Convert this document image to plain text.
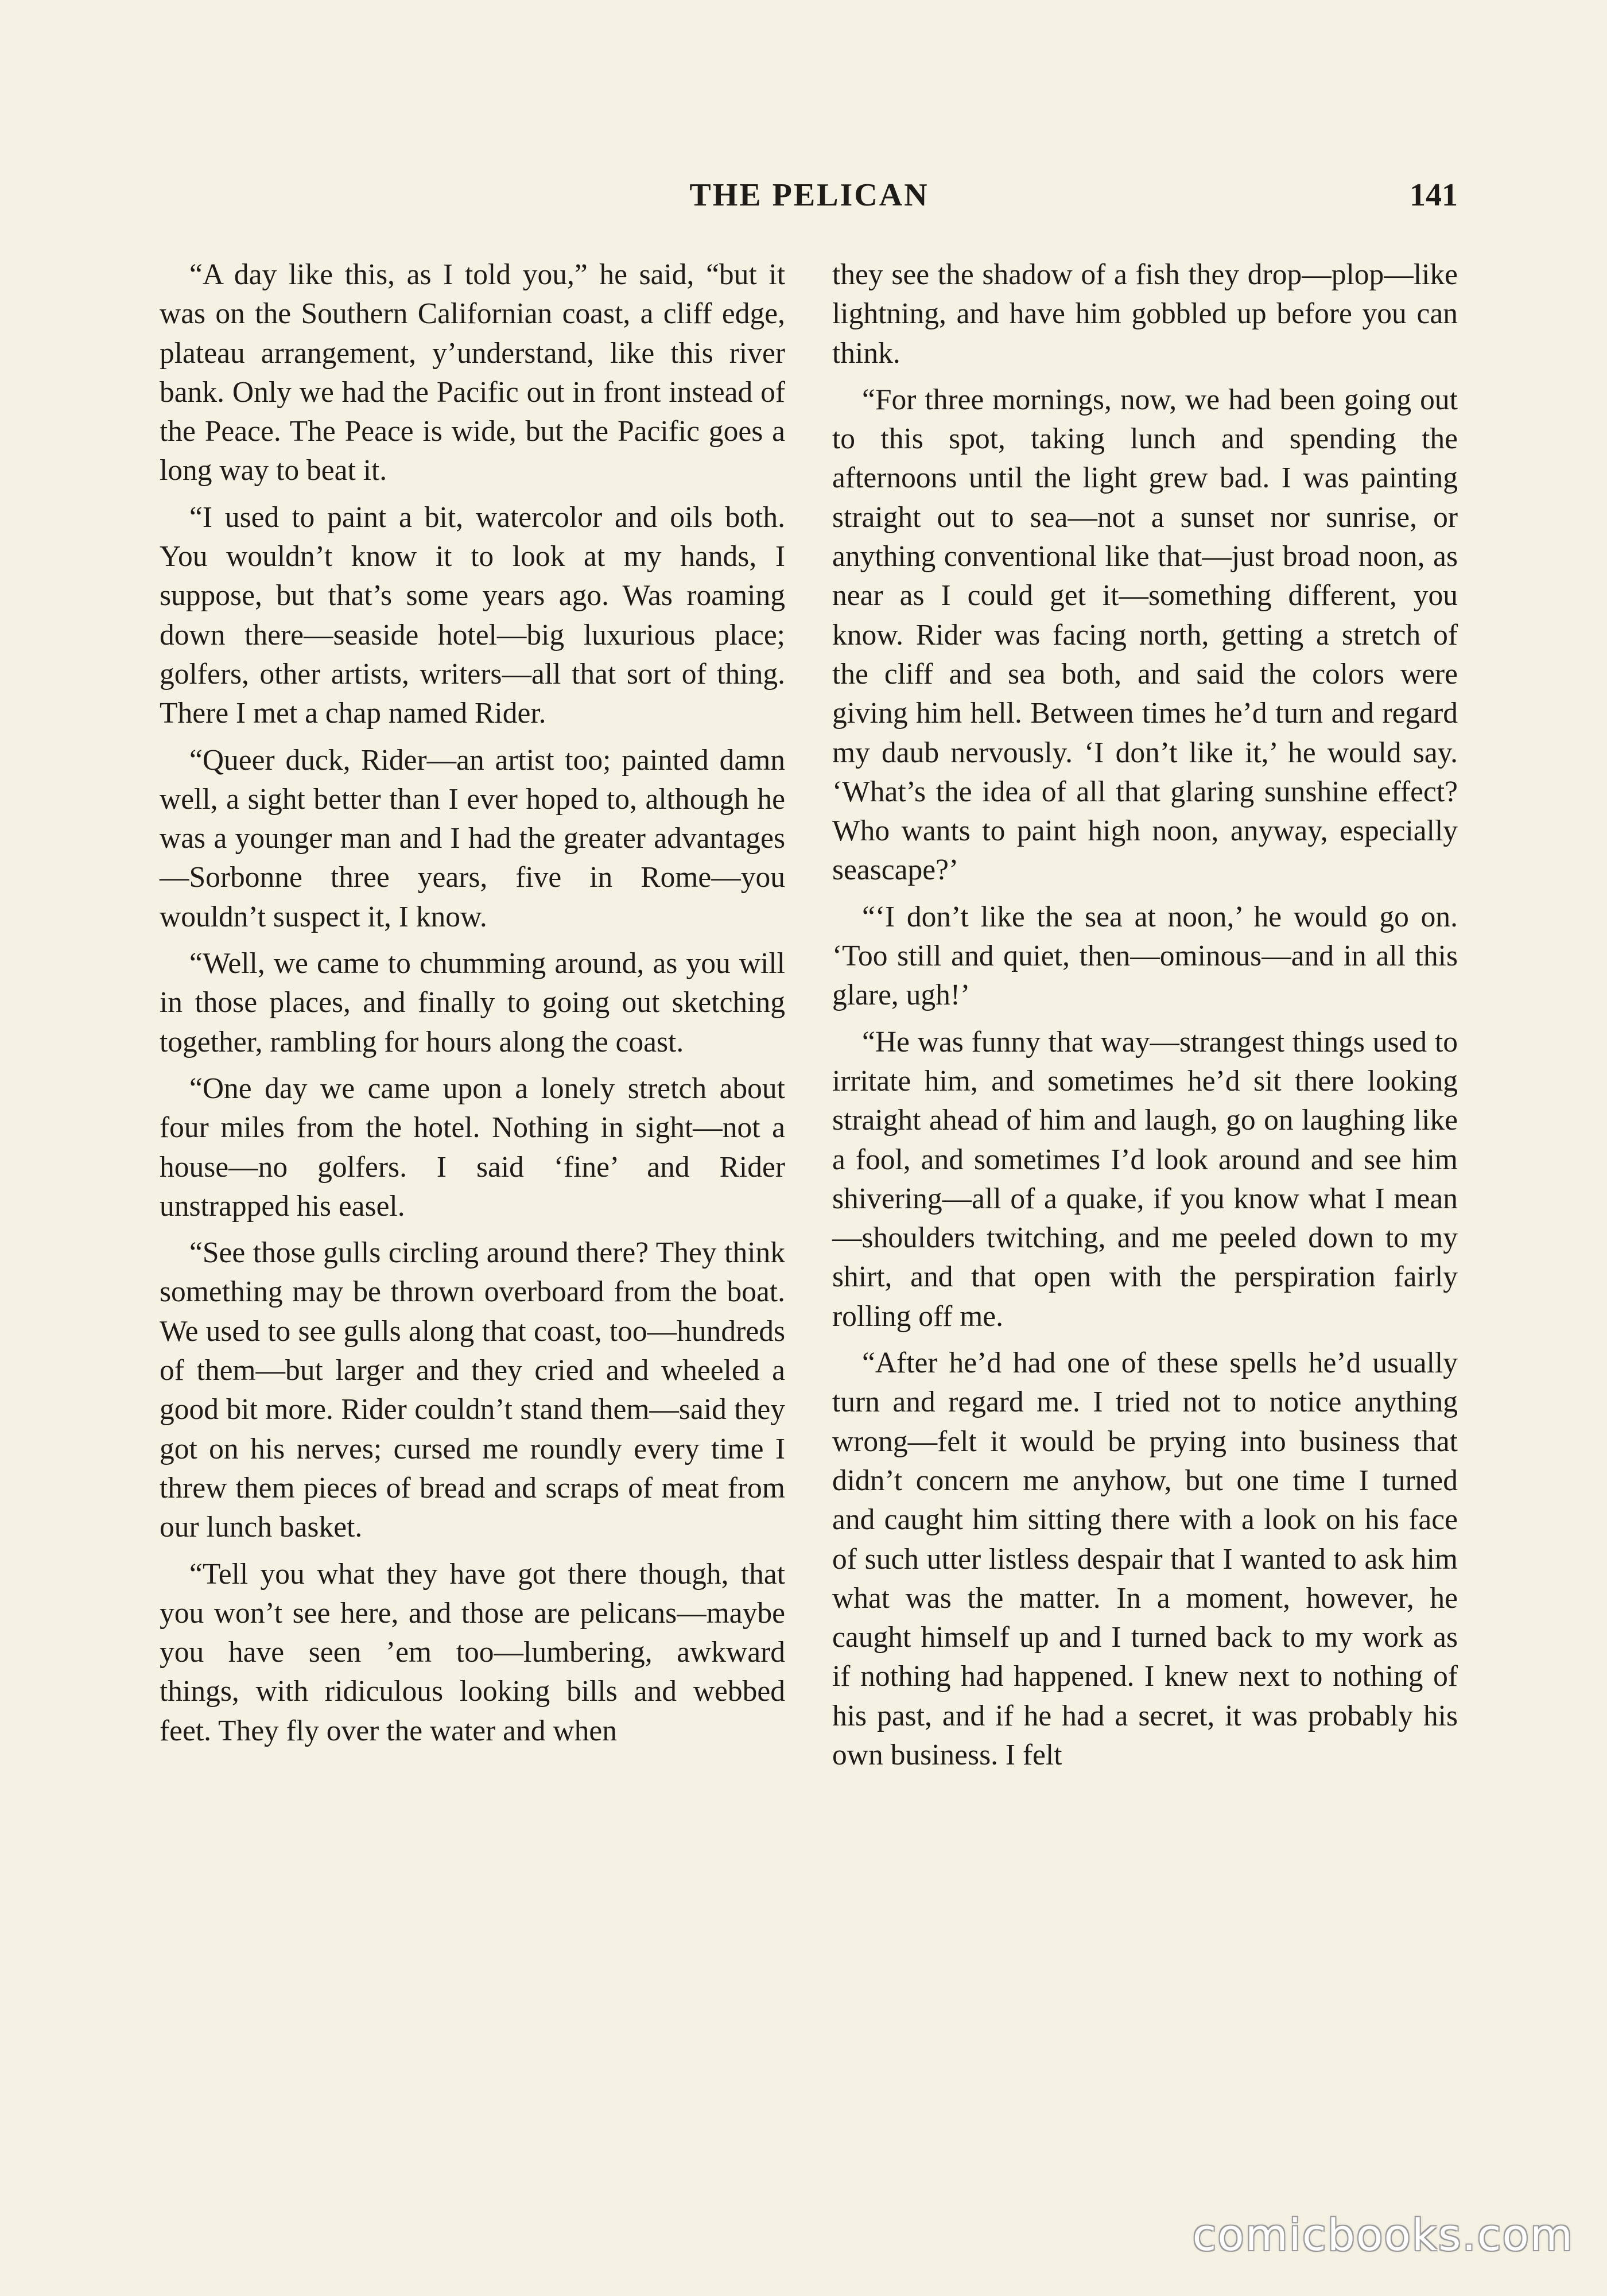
THE PELICAN	141

“A day like this, as I told you,” he said, “but it was on the Southern Californian coast, a cliff edge, plateau arrangement, y’understand, like this river bank. Only we had the Pacific out in front instead of the Peace. The Peace is wide, but the Pacific goes a long way to beat it.

“I used to paint a bit, watercolor and oils both. You wouldn’t know it to look at my hands, I suppose, but that’s some years ago. Was roaming down there—seaside hotel—big luxurious place; golfers, other artists, writers—all that sort of thing. There I met a chap named Rider.

“Queer duck, Rider—an artist too; painted damn well, a sight better than I ever hoped to, although he was a younger man and I had the greater advantages—Sorbonne three years, five in Rome—you wouldn’t suspect it, I know.

“Well, we came to chumming around, as you will in those places, and finally to going out sketching together, rambling for hours along the coast.

“One day we came upon a lonely stretch about four miles from the hotel. Nothing in sight—not a house—no golfers. I said ‘fine’ and Rider unstrapped his easel.

“See those gulls circling around there? They think something may be thrown overboard from the boat. We used to see gulls along that coast, too—hundreds of them—but larger and they cried and wheeled a good bit more. Rider couldn’t stand them—said they got on his nerves; cursed me roundly every time I threw them pieces of bread and scraps of meat from our lunch basket.

“Tell you what they have got there though, that you won’t see here, and those are pelicans—maybe you have seen ’em too—lumbering, awkward things, with ridiculous looking bills and webbed feet. They fly over the water and when

they see the shadow of a fish they drop—plop—like lightning, and have him gobbled up before you can think.

“For three mornings, now, we had been going out to this spot, taking lunch and spending the afternoons until the light grew bad. I was painting straight out to sea—not a sunset nor sunrise, or anything conventional like that—just broad noon, as near as I could get it—something different, you know. Rider was facing north, getting a stretch of the cliff and sea both, and said the colors were giving him hell. Between times he’d turn and regard my daub nervously. ‘I don’t like it,’ he would say. ‘What’s the idea of all that glaring sunshine effect? Who wants to paint high noon, anyway, especially seascape?’

“‘I don’t like the sea at noon,’ he would go on. ‘Too still and quiet, then—ominous—and in all this glare, ugh!’

“He was funny that way—strangest things used to irritate him, and sometimes he’d sit there looking straight ahead of him and laugh, go on laughing like a fool, and sometimes I’d look around and see him shivering—all of a quake, if you know what I mean—shoulders twitching, and me peeled down to my shirt, and that open with the perspiration fairly rolling off me.

“After he’d had one of these spells he’d usually turn and regard me. I tried not to notice anything wrong—felt it would be prying into business that didn’t concern me anyhow, but one time I turned and caught him sitting there with a look on his face of such utter listless despair that I wanted to ask him what was the matter. In a moment, however, he caught himself up and I turned back to my work as if nothing had happened. I knew next to nothing of his past, and if he had a secret, it was probably his own business. I felt

comicbooks.com
